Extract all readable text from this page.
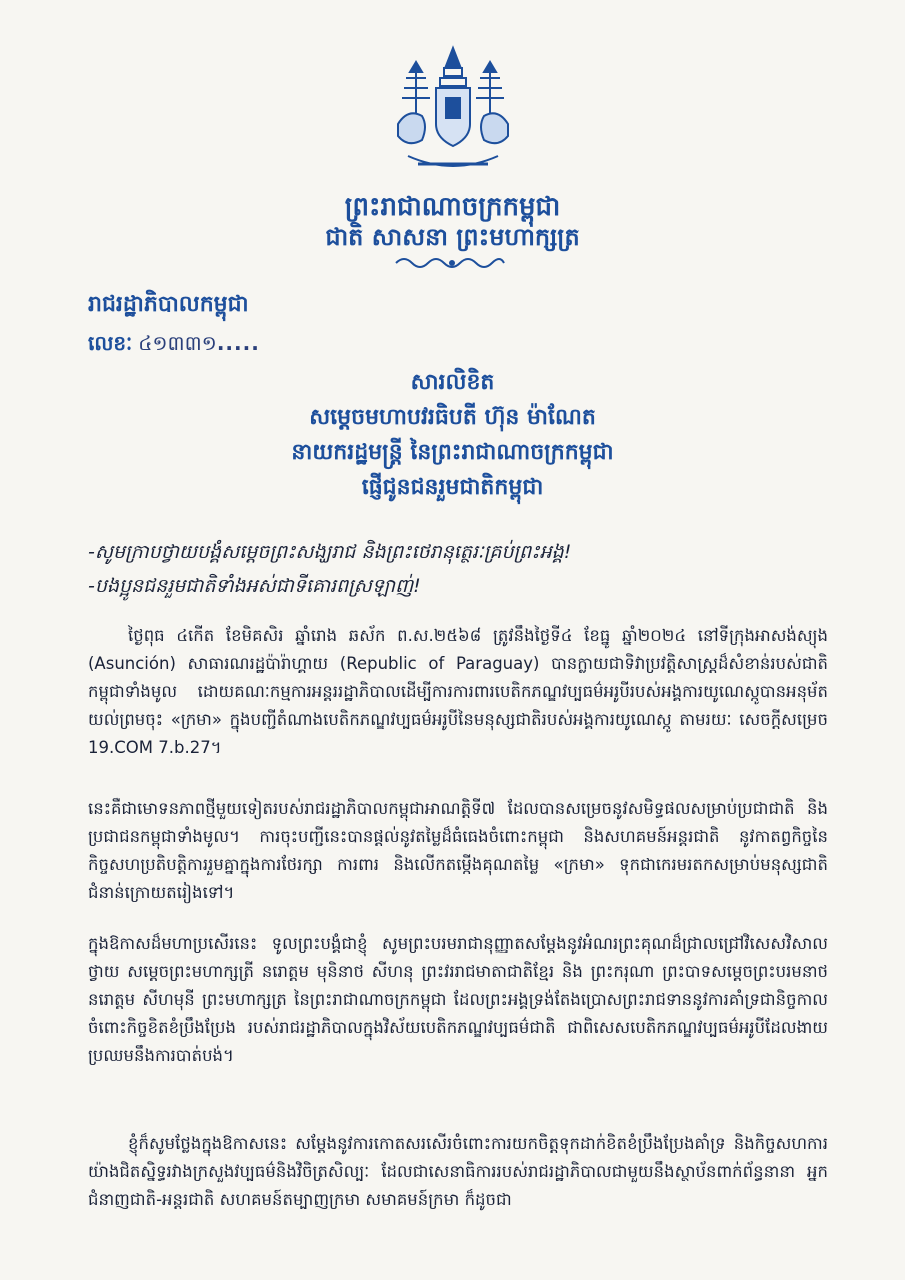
ព្រះរាជាណាចក្រកម្ពុជា
ជាតិ សាសនា ព្រះមហាក្សត្រ
រាជរដ្ឋាភិបាលកម្ពុជា
លេខៈ ៤១៣៣១ .....

សារលិខិត

សម្តេចមហាបវរធិបតី ហ៊ុន ម៉ាណែត

នាយករដ្ឋមន្ត្រី នៃព្រះរាជាណាចក្រកម្ពុជា

ផ្ញើជូនជនរួមជាតិកម្ពុជា

-សូមក្រាបថ្វាយបង្គំសម្តេចព្រះសង្ឃរាជ និងព្រះថេរានុត្ថេរៈគ្រប់ព្រះអង្គ!
-បងប្អូនជនរួមជាតិទាំងអស់ជាទីគោរពស្រឡាញ់!

ថ្ងៃពុធ ៤កើត ខែមិគសិរ ឆ្នាំរោង ឆស័ក ព.ស.២៥៦៨ ត្រូវនឹងថ្ងៃទី៤ ខែធ្នូ ឆ្នាំ២០២៤ នៅទីក្រុងអាសង់ស្យុង (Asunción) សាធារណរដ្ឋប៉ារ៉ាហ្គាយ (Republic of Paraguay) បានក្លាយជាទិវាប្រវត្តិសាស្ត្រដ៏សំខាន់របស់ជាតិកម្ពុជាទាំងមូល ដោយគណៈកម្មការអន្តររដ្ឋាភិបាលដើម្បីការការពារបេតិកភណ្ឌវប្បធម៌អរូបីរបស់អង្គការយូណេស្កូបានអនុម័ត យល់ព្រមចុះ «ក្រមា» ក្នុងបញ្ជីតំណាងបេតិកភណ្ឌវប្បធម៌អរូបីនៃមនុស្សជាតិរបស់អង្គការយូណេស្កូ តាមរយៈ សេចក្តីសម្រេច 19.COM 7.b.27។

នេះគឺជាមោទនភាពថ្មីមួយទៀតរបស់រាជរដ្ឋាភិបាលកម្ពុជាអាណត្តិទី៧ ដែលបានសម្រេចនូវសមិទ្ធផលសម្រាប់ប្រជាជាតិ និងប្រជាជនកម្ពុជាទាំងមូល។ ការចុះបញ្ជីនេះបានផ្តល់នូវតម្លៃដ៏ធំធេងចំពោះកម្ពុជា និងសហគមន៍អន្តរជាតិ នូវកាតព្វកិច្ចនៃកិច្ចសហប្រតិបត្តិការរួមគ្នាក្នុងការថែរក្សា ការពារ និងលើកតម្កើងគុណតម្លៃ «ក្រមា» ទុកជាកេរមរតកសម្រាប់មនុស្សជាតិជំនាន់ក្រោយតរៀងទៅ។

ក្នុងឱកាសដ៏មហាប្រសើរនេះ ទូលព្រះបង្គំជាខ្ញុំ សូមព្រះបរមរាជានុញ្ញាតសម្តែងនូវអំណរព្រះគុណដ៏ជ្រាលជ្រៅវិសេសវិសាលថ្វាយ សម្តេចព្រះមហាក្សត្រី នរោត្តម មុនិនាថ សីហនុ ព្រះវររាជមាតាជាតិខ្មែរ និង ព្រះករុណា ព្រះបាទសម្តេចព្រះបរមនាថ នរោត្តម សីហមុនី ព្រះមហាក្សត្រ នៃព្រះរាជាណាចក្រកម្ពុជា ដែលព្រះអង្គទ្រង់តែងប្រោសព្រះរាជទាននូវការគាំទ្រជានិច្ចកាល ចំពោះកិច្ចខិតខំប្រឹងប្រែង របស់រាជរដ្ឋាភិបាលក្នុងវិស័យបេតិកភណ្ឌវប្បធម៌ជាតិ ជាពិសេសបេតិកភណ្ឌវប្បធម៌អរូបីដែលងាយប្រឈមនឹងការបាត់បង់។

ខ្ញុំក៏សូមថ្លែងក្នុងឱកាសនេះ សម្តែងនូវការកោតសរសើរចំពោះការយកចិត្តទុកដាក់ខិតខំប្រឹងប្រែងគាំទ្រ និងកិច្ចសហការយ៉ាងជិតស្និទ្ធរវាងក្រសួងវប្បធម៌និងវិចិត្រសិល្បៈ ដែលជាសេនាធិការរបស់រាជរដ្ឋាភិបាលជាមួយនឹងស្ថាប័នពាក់ព័ន្ធនានា អ្នកជំនាញជាតិ-អន្តរជាតិ សហគមន៍តម្បាញក្រមា សមាគមន៍ក្រមា ក៏ដូចជា
